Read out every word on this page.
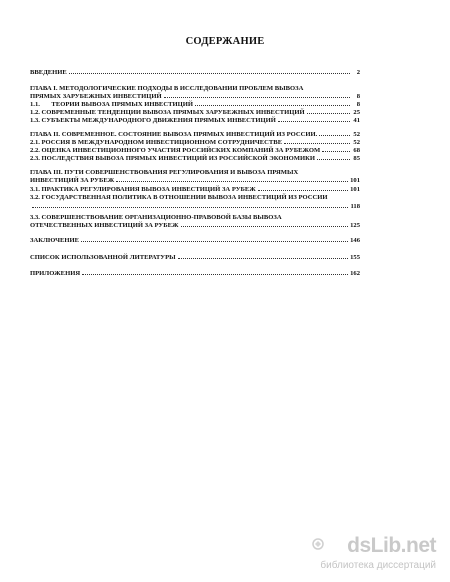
СОДЕРЖАНИЕ
ВВЕДЕНИЕ	2
ГЛАВА I. МЕТОДОЛОГИЧЕСКИЕ ПОДХОДЫ В ИССЛЕДОВАНИИ ПРОБЛЕМ ВЫВОЗА
ПРЯМЫХ ЗАРУБЕЖНЫХ ИНВЕСТИЦИЙ	8
1.1.       ТЕОРИИ ВЫВОЗА ПРЯМЫХ ИНВЕСТИЦИЙ	8
1.2. СОВРЕМЕННЫЕ ТЕНДЕНЦИИ ВЫВОЗА ПРЯМЫХ ЗАРУБЕЖНЫХ ИНВЕСТИЦИЙ	25
1.3. СУБЪЕКТЫ МЕЖДУНАРОДНОГО ДВИЖЕНИЯ ПРЯМЫХ ИНВЕСТИЦИЙ	41
ГЛАВА II. СОВРЕМЕННОЕ. СОСТОЯНИЕ ВЫВОЗА ПРЯМЫХ ИНВЕСТИЦИЙ ИЗ РОССИИ.	52
2.1. РОССИЯ В МЕЖДУНАРОДНОМ ИНВЕСТИЦИОННОМ СОТРУДНИЧЕСТВЕ	52
2.2. ОЦЕНКА ИНВЕСТИЦИОННОГО УЧАСТИЯ РОССИЙСКИХ КОМПАНИЙ ЗА РУБЕЖОМ	68
2.3. ПОСЛЕДСТВИЯ ВЫВОЗА ПРЯМЫХ ИНВЕСТИЦИЙ ИЗ РОССИЙСКОЙ ЭКОНОМИКИ	85
ГЛАВА III. ПУТИ СОВЕРШЕНСТВОВАНИЯ РЕГУЛИРОВАНИЯ И ВЫВОЗА ПРЯМЫХ
ИНВЕСТИЦИЙ ЗА РУБЕЖ	101
3.1. ПРАКТИКА РЕГУЛИРОВАНИЯ ВЫВОЗА ИНВЕСТИЦИЙ ЗА РУБЕЖ	101
3.2. ГОСУДАРСТВЕННАЯ ПОЛИТИКА В ОТНОШЕНИИ ВЫВОЗА ИНВЕСТИЦИЙ ИЗ РОССИИ
118
3.3. СОВЕРШЕНСТВОВАНИЕ ОРГАНИЗАЦИОННО-ПРАВОВОЙ БАЗЫ ВЫВОЗА
ОТЕЧЕСТВЕННЫХ ИНВЕСТИЦИЙ ЗА РУБЕЖ	125
ЗАКЛЮЧЕНИЕ	146
СПИСОК ИСПОЛЬЗОВАННОЙ ЛИТЕРАТУРЫ	155
ПРИЛОЖЕНИЯ	162
dsLib.net
библиотека диссертаций
